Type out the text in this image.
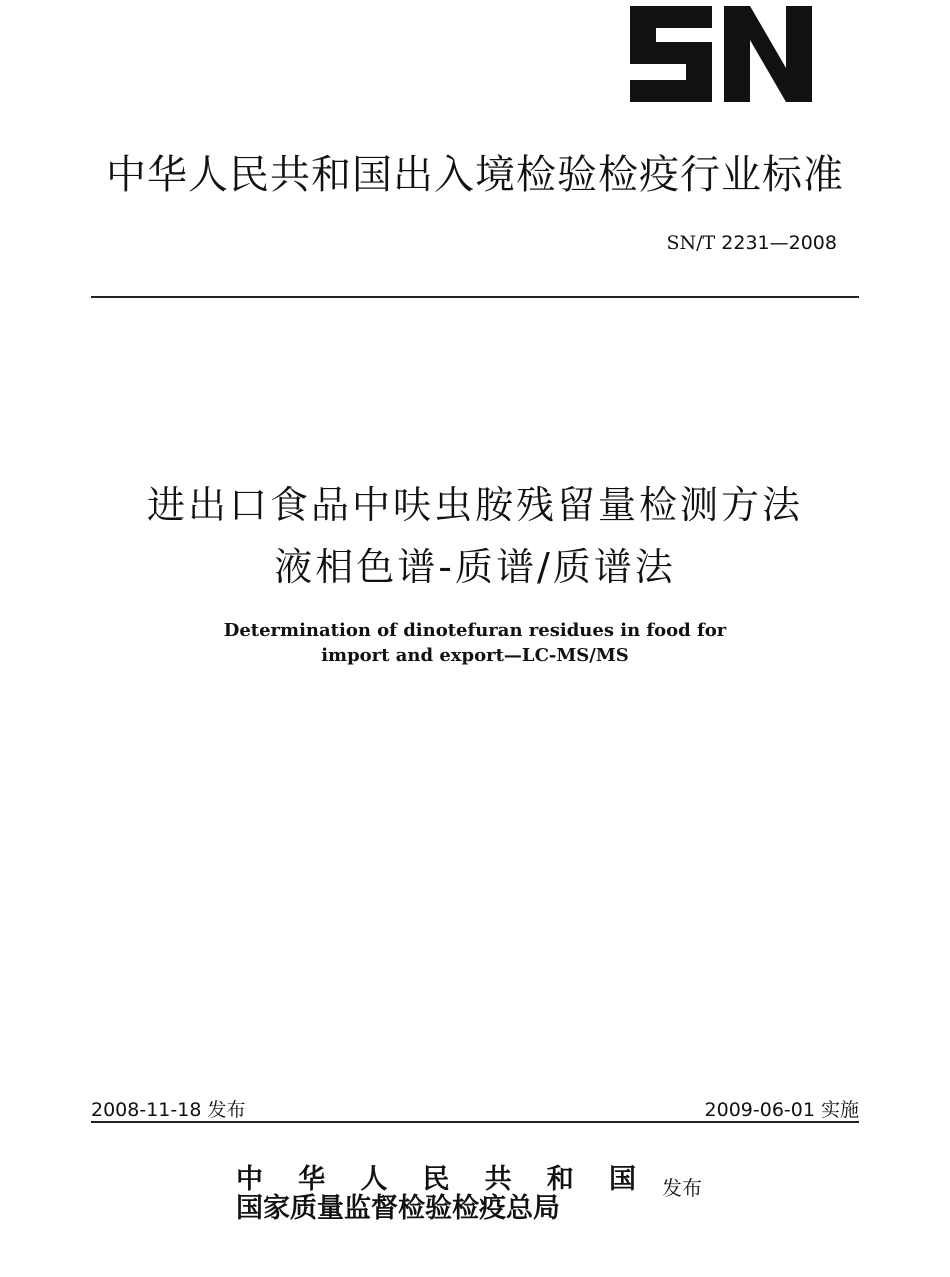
中华人民共和国出入境检验检疫行业标准
SN/T 2231—2008
进出口食品中呋虫胺残留量检测方法
液相色谱-质谱/质谱法
Determination of dinotefuran residues in food for
import and export—LC-MS/MS
2008-11-18 发布	2009-06-01 实施
中 华 人 民 共 和 国
国家质量监督检验检疫总局
发布
